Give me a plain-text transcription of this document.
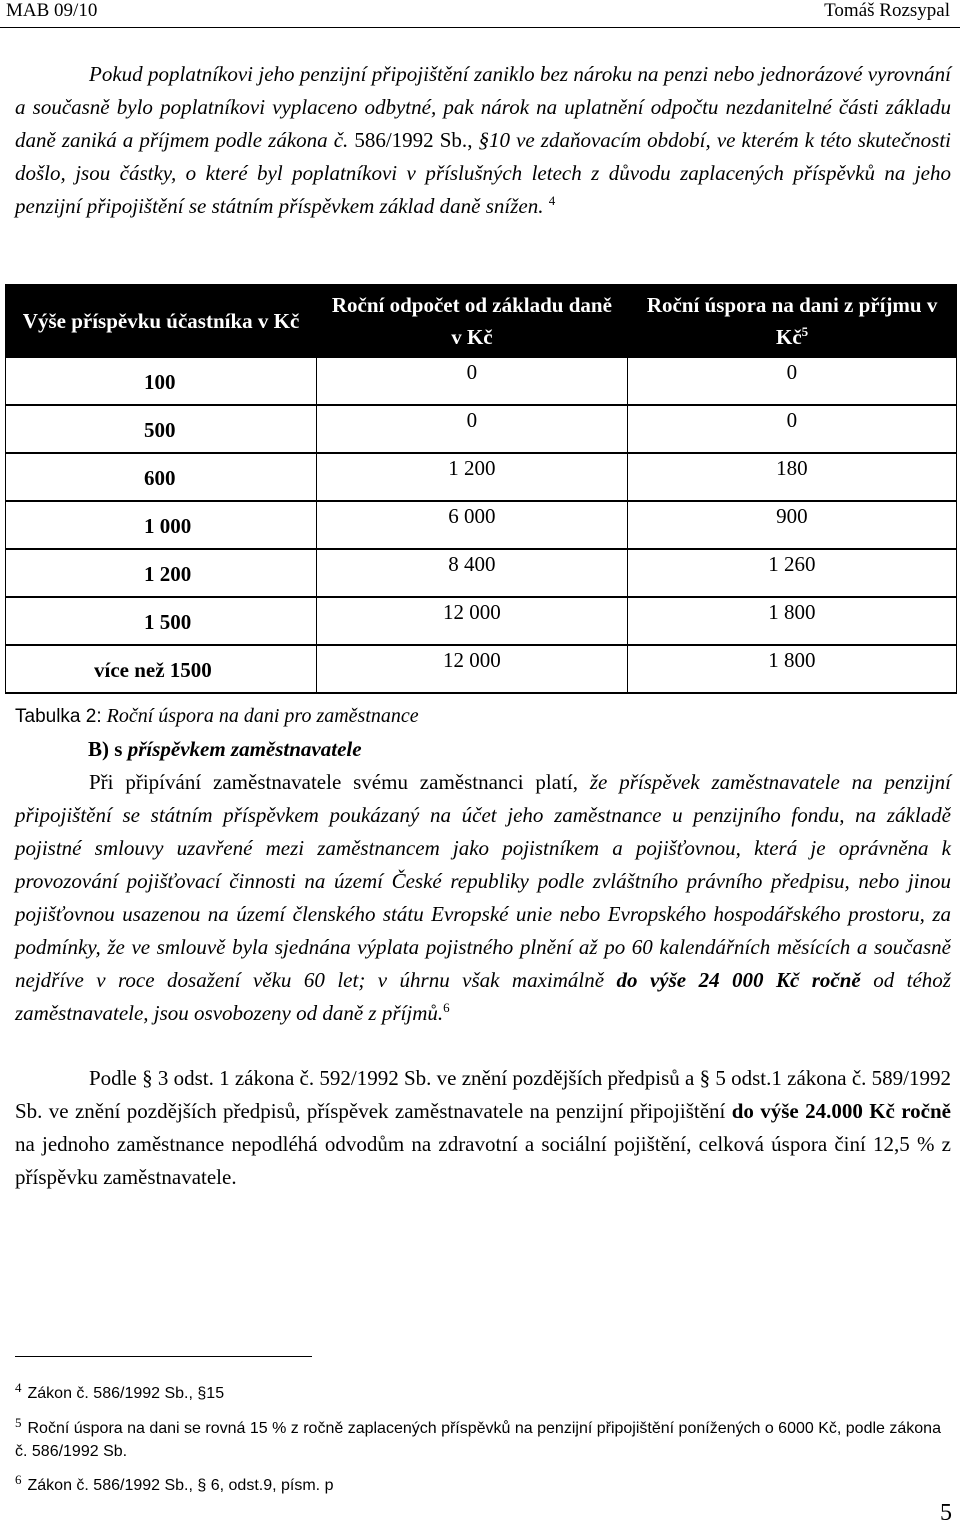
MAB 09/10	Tomáš Rozsypal

Pokud poplatníkovi jeho penzijní připojištění zaniklo bez nároku na penzi nebo jednorázové vyrovnání a současně bylo poplatníkovi vyplaceno odbytné, pak nárok na uplatnění odpočtu nezdanitelné části základu daně zaniká a příjmem podle zákona č. 586/1992 Sb., §10 ve zdaňovacím období, ve kterém k této skutečnosti došlo, jsou částky, o které byl poplatníkovi v příslušných letech z důvodu zaplacených příspěvků na jeho penzijní připojištění se státním příspěvkem základ daně snížen. $^4$

Výše příspěvku účastníka v Kč	Roční odpočet od základu daně v Kč	Roční úspora na dani z příjmu v $Kč^5$

100	0	0

500	0	0

600	1 200	180

1 000	6 000	900

1 200	8 400	1 260

1 500	12 000	1 800

více než 1500	12 000	1 800
Tabulka 2: Roční úspora na dani pro zaměstnance
B) s příspěvkem zaměstnavatele

Při připívání zaměstnavatele svému zaměstnanci platí, že příspěvek zaměstnavatele na penzijní připojištění se státním příspěvkem poukázaný na účet jeho zaměstnance u penzijního fondu, na základě pojistné smlouvy uzavřené mezi zaměstnancem jako pojistníkem a pojišťovnou, která je oprávněna k provozování pojišťovací činnosti na území České republiky podle zvláštního právního předpisu, nebo jinou pojišťovnou usazenou na území členského státu Evropské unie nebo Evropského hospodářského prostoru, za podmínky, že ve smlouvě byla sjednána výplata pojistného plnění až po 60 kalendářních měsících a současně nejdříve v roce dosažení věku 60 let; v úhrnu však maximálně do výše 24 000 Kč ročně od téhož zaměstnavatele, jsou osvobozeny od daně z příjmů.$^6$

Podle § 3 odst. 1 zákona č. 592/1992 Sb. ve znění pozdějších předpisů a § 5 odst.1 zákona č. 589/1992 Sb. ve znění pozdějších předpisů, příspěvek zaměstnavatele na penzijní připojištění do výše 24.000 Kč ročně na jednoho zaměstnance nepodléhá odvodům na zdravotní a sociální pojištění, celková úspora činí 12,5 % z příspěvku zaměstnavatele.

$^4$ Zákon č. 586/1992 Sb., §15
$^5$ Roční úspora na dani se rovná 15 % z ročně zaplacených příspěvků na penzijní připojištění ponížených o 6000 Kč, podle zákona č. 586/1992 Sb.
$^6$ Zákon č. 586/1992 Sb., § 6, odst.9, písm. p
5
